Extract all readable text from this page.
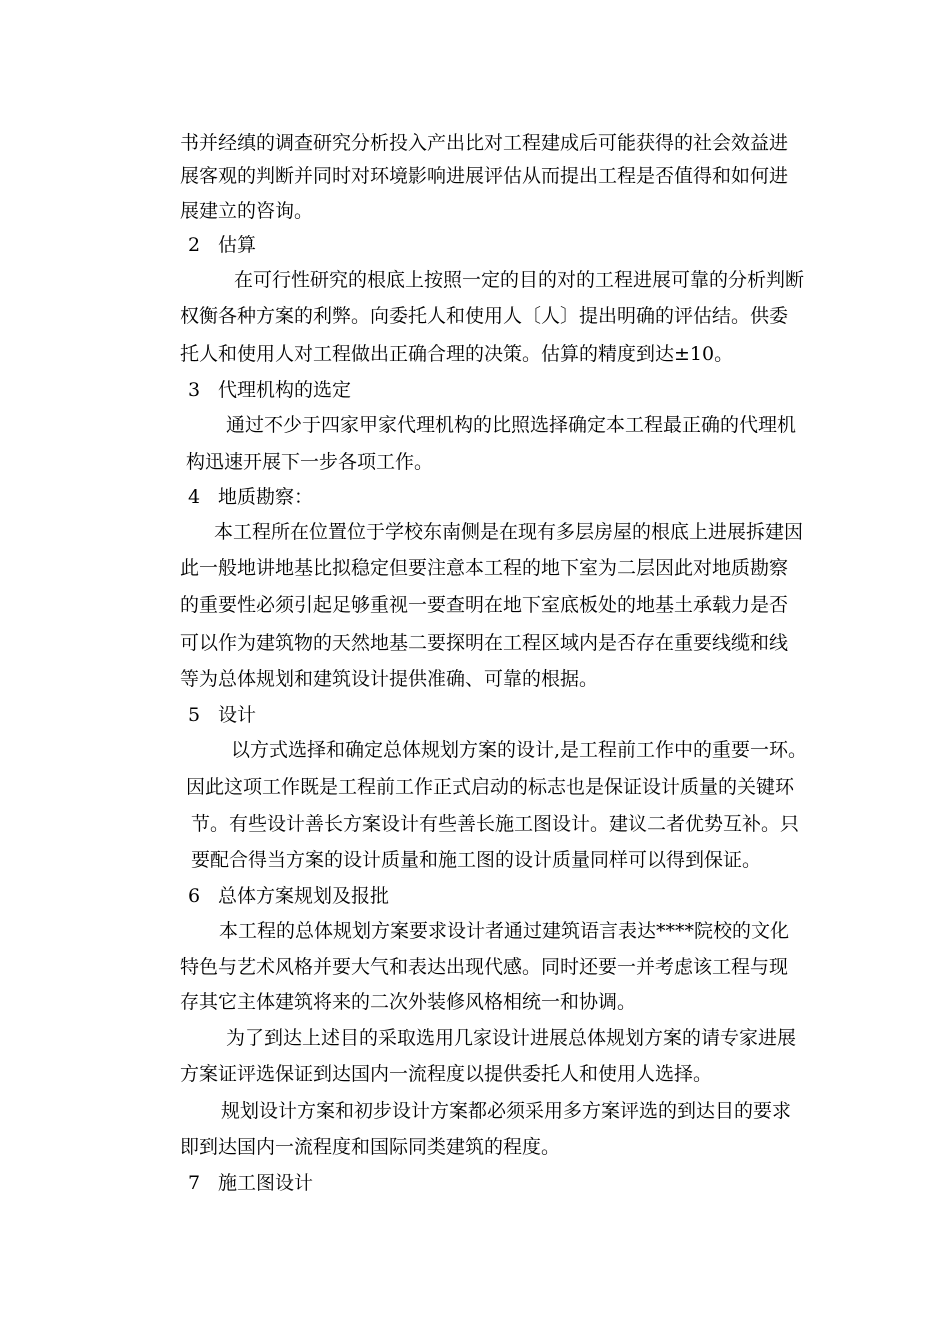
书并经缜的调查研究分析投入产出比对工程建成后可能获得的社会效益进
展客观的判断并同时对环境影响进展评估从而提出工程是否值得和如何进
展建立的咨询。
2 估算
在可行性研究的根底上按照一定的目的对的工程进展可靠的分析判断
权衡各种方案的利弊。向委托人和使用人〔人〕提出明确的评估结。供委
托人和使用人对工程做出正确合理的决策。估算的精度到达±10。
3 代理机构的选定
通过不少于四家甲家代理机构的比照选择确定本工程最正确的代理机
构迅速开展下一步各项工作。
4 地质勘察：
本工程所在位置位于学校东南侧是在现有多层房屋的根底上进展拆建因
此一般地讲地基比拟稳定但要注意本工程的地下室为二层因此对地质勘察
的重要性必须引起足够重视一要查明在地下室底板处的地基土承载力是否
可以作为建筑物的天然地基二要探明在工程区域内是否存在重要线缆和线
等为总体规划和建筑设计提供准确、可靠的根据。
5 设计
以方式选择和确定总体规划方案的设计,是工程前工作中的重要一环。
因此这项工作既是工程前工作正式启动的标志也是保证设计质量的关键环
节。有些设计善长方案设计有些善长施工图设计。建议二者优势互补。只
要配合得当方案的设计质量和施工图的设计质量同样可以得到保证。
6 总体方案规划及报批
本工程的总体规划方案要求设计者通过建筑语言表达****院校的文化
特色与艺术风格并要大气和表达出现代感。同时还要一并考虑该工程与现
存其它主体建筑将来的二次外装修风格相统一和协调。
为了到达上述目的采取选用几家设计进展总体规划方案的请专家进展
方案证评选保证到达国内一流程度以提供委托人和使用人选择。
规划设计方案和初步设计方案都必须采用多方案评选的到达目的要求
即到达国内一流程度和国际同类建筑的程度。
7 施工图设计
